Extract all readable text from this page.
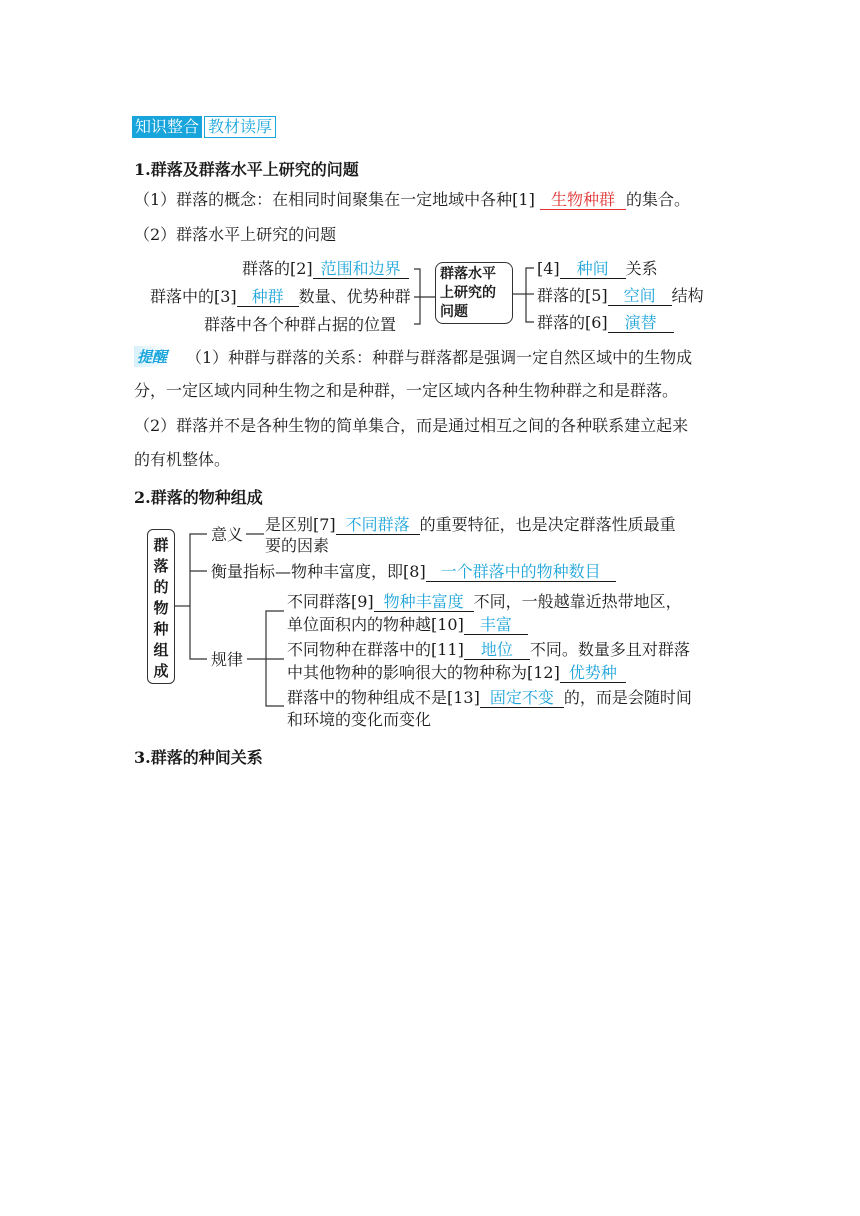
知识整合 教材读厚
1.群落及群落水平上研究的问题
（1）群落的概念：在相同时间聚集在一定地域中各种[1] 生物种群 的集合。
（2）群落水平上研究的问题
群落的[2] 范围和边界
群落中的[3] 种群 数量、优势种群
群落中各个种群占据的位置
群落水平上研究的问题
[4] 种间 关系
群落的[5] 空间 结构
群落的[6] 演替
提醒 （1）种群与群落的关系：种群与群落都是强调一定自然区域中的生物成
分，一定区域内同种生物之和是种群，一定区域内各种生物种群之和是群落。
（2）群落并不是各种生物的简单集合，而是通过相互之间的各种联系建立起来
的有机整体。
2.群落的物种组成
群落的物种组成
意义
是区别[7] 不同群落 的重要特征，也是决定群落性质最重
要的因素
衡量指标—物种丰富度，即[8] 一个群落中的物种数目
规律
不同群落[9] 物种丰富度 不同，一般越靠近热带地区，
单位面积内的物种越[10] 丰富
不同物种在群落中的[11] 地位 不同。数量多且对群落
中其他物种的影响很大的物种称为[12] 优势种
群落中的物种组成不是[13] 固定不变 的，而是会随时间
和环境的变化而变化
3.群落的种间关系
